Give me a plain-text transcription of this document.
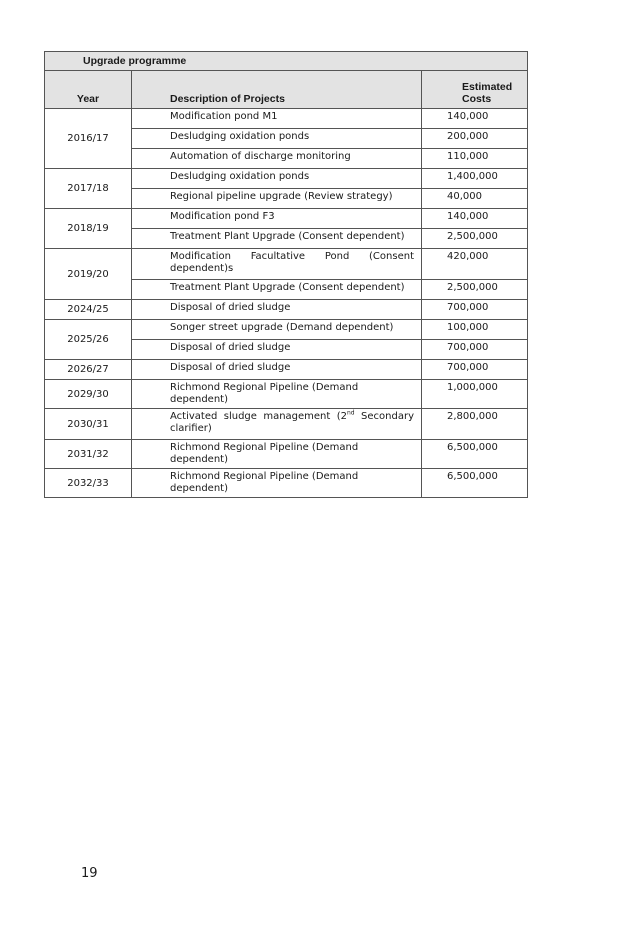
Upgrade programme		
Year	Description of Projects	Estimated
Costs
2016/17	Modification pond M1	140,000
	Desludging oxidation ponds	200,000
	Automation of discharge monitoring	110,000
2017/18	Desludging oxidation ponds	1,400,000
	Regional pipeline upgrade (Review strategy)	40,000
2018/19	Modification pond F3	140,000
	Treatment Plant Upgrade (Consent dependent)	2,500,000
2019/20	Modification Facultative Pond (Consent dependent)s	420,000
	Treatment Plant Upgrade (Consent dependent)	2,500,000
2024/25	Disposal of dried sludge	700,000
2025/26	Songer street upgrade (Demand dependent)	100,000
	Disposal of dried sludge	700,000
2026/27	Disposal of dried sludge	700,000
2029/30	Richmond Regional Pipeline (Demand dependent)	1,000,000
2030/31	Activated sludge management (2nd Secondary clarifier)	2,800,000
2031/32	Richmond Regional Pipeline (Demand dependent)	6,500,000
2032/33	Richmond Regional Pipeline (Demand dependent)	6,500,000
19
